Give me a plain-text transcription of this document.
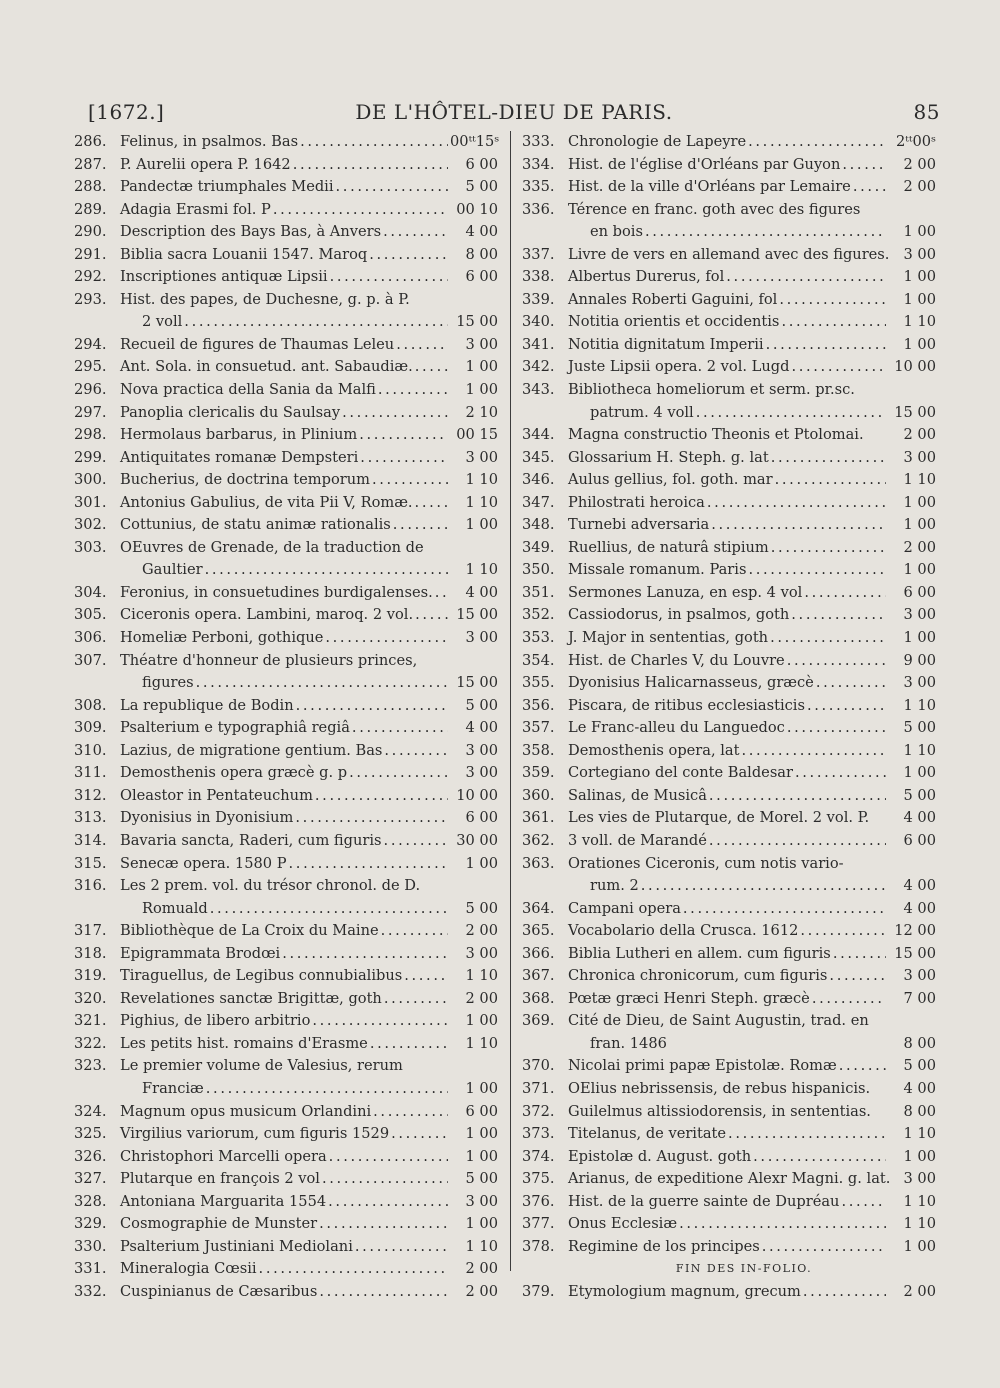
[1672.]	DE L'HÔTEL-DIEU DE PARIS.	85
286. Felinus, in psalmos. Bas . . .	00ᵗᵗ15ˢ
287. P. Aurelii opera P. 1642 . . .	6 00
288. Pandectæ triumphales Medii . . .	5 00
289. Adagia Erasmi fol. P . . .	00 10
290. Description des Bays Bas, à Anvers . . .	4 00
291. Biblia sacra Louanii 1547. Maroq . . .	8 00
292. Inscriptiones antiquæ Lipsii . . .	6 00
293. Hist. des papes, de Duchesne, g. p. à P.
2 voll . . .	15 00
294. Recueil de figures de Thaumas Leleu . . .	3 00
295. Ant. Sola. in consuetud. ant. Sabaudiæ. . . .	1 00
296. Nova practica della Sania da Malfi . . .	1 00
297. Panoplia clericalis du Saulsay . . .	2 10
298. Hermolaus barbarus, in Plinium . . .	00 15
299. Antiquitates romanæ Dempsteri . . .	3 00
300. Bucherius, de doctrina temporum . . .	1 10
301. Antonius Gabulius, de vita Pii V, Romæ. . . .	1 10
302. Cottunius, de statu animæ rationalis . . .	1 00
303. OEuvres de Grenade, de la traduction de
Gaultier . . .	1 10
304. Feronius, in consuetudines burdigalenses. . . .	4 00
305. Ciceronis opera. Lambini, maroq. 2 vol. . . .	15 00
306. Homeliæ Perboni, gothique . . .	3 00
307. Théatre d'honneur de plusieurs princes,
figures . . .	15 00
308. La republique de Bodin . . .	5 00
309. Psalterium e typographiâ regiâ . . .	4 00
310. Lazius, de migratione gentium. Bas . . .	3 00
311. Demosthenis opera græcè g. p . . .	3 00
312. Oleastor in Pentateuchum . . .	10 00
313. Dyonisius in Dyonisium . . .	6 00
314. Bavaria sancta, Raderi, cum figuris . . .	30 00
315. Senecæ opera. 1580 P . . .	1 00
316. Les 2 prem. vol. du trésor chronol. de D.
Romuald . . .	5 00
317. Bibliothèque de La Croix du Maine . . .	2 00
318. Epigrammata Brodœi . . .	3 00
319. Tiraguellus, de Legibus connubialibus . . .	1 10
320. Revelationes sanctæ Brigittæ, goth . . .	2 00
321. Pighius, de libero arbitrio . . .	1 00
322. Les petits hist. romains d'Erasme . . .	1 10
323. Le premier volume de Valesius, rerum
Franciæ . . .	1 00
324. Magnum opus musicum Orlandini . . .	6 00
325. Virgilius variorum, cum figuris 1529 . . .	1 00
326. Christophori Marcelli opera . . .	1 00
327. Plutarque en françois 2 vol . . .	5 00
328. Antoniana Marguarita 1554 . . .	3 00
329. Cosmographie de Munster . . .	1 00
330. Psalterium Justiniani Mediolani . . .	1 10
331. Mineralogia Cœsii . . .	2 00
332. Cuspinianus de Cæsaribus . . .	2 00
333. Chronologie de Lapeyre . . .	2ᵗᵗ00ˢ
334. Hist. de l'église d'Orléans par Guyon . . .	2 00
335. Hist. de la ville d'Orléans par Lemaire . . .	2 00
336. Térence en franc. goth avec des figures
en bois . . .	1 00
337. Livre de vers en allemand avec des figures. 3 00
338. Albertus Durerus, fol . . .	1 00
339. Annales Roberti Gaguini, fol . . .	1 00
340. Notitia orientis et occidentis . . .	1 10
341. Notitia dignitatum Imperii . . .	1 00
342. Juste Lipsii opera. 2 vol. Lugd . . .	10 00
343. Bibliotheca homeliorum et serm. pr.sc.
patrum. 4 voll . . .	15 00
344. Magna constructio Theonis et Ptolomai.	2 00
345. Glossarium H. Steph. g. lat . . .	3 00
346. Aulus gellius, fol. goth. mar . . .	1 10
347. Philostrati heroica . . .	1 00
348. Turnebi adversaria . . .	1 00
349. Ruellius, de naturâ stipium . . .	2 00
350. Missale romanum. Paris . . .	1 00
351. Sermones Lanuza, en esp. 4 vol . . .	6 00
352. Cassiodorus, in psalmos, goth . . .	3 00
353. J. Major in sententias, goth . . .	1 00
354. Hist. de Charles V, du Louvre . . .	9 00
355. Dyonisius Halicarnasseus, græcè . . .	3 00
356. Piscara, de ritibus ecclesiasticis . . .	1 10
357. Le Franc-alleu du Languedoc . . .	5 00
358. Demosthenis opera, lat . . .	1 10
359. Cortegiano del conte Baldesar . . .	1 00
360. Salinas, de Musicâ . . .	5 00
361. Les vies de Plutarque, de Morel. 2 vol. P.	4 00
362. 3 voll. de Marandé . . .	6 00
363. Orationes Ciceronis, cum notis vario-
rum. 2 . . .	4 00
364. Campani opera . . .	4 00
365. Vocabolario della Crusca. 1612 . . .	12 00
366. Biblia Lutheri en allem. cum figuris . . .	15 00
367. Chronica chronicorum, cum figuris . . .	3 00
368. Pœtæ græci Henri Steph. græcè . . .	7 00
369. Cité de Dieu, de Saint Augustin, trad. en
fran. 1486	8 00
370. Nicolai primi papæ Epistolæ. Romæ . . .	5 00
371. OElius nebrissensis, de rebus hispanicis.	4 00
372. Guilelmus altissiodorensis, in sententias.	8 00
373. Titelanus, de veritate . . .	1 10
374. Epistolæ d. August. goth . . .	1 00
375. Arianus, de expeditione Alexr Magni. g. lat. 3 00
376. Hist. de la guerre sainte de Dupréau . . .	1 10
377. Onus Ecclesiæ . . .	1 10
378. Regimine de los principes . . .	1 00
FIN DES IN-FOLIO.
379. Etymologium magnum, grecum . . .	2 00
